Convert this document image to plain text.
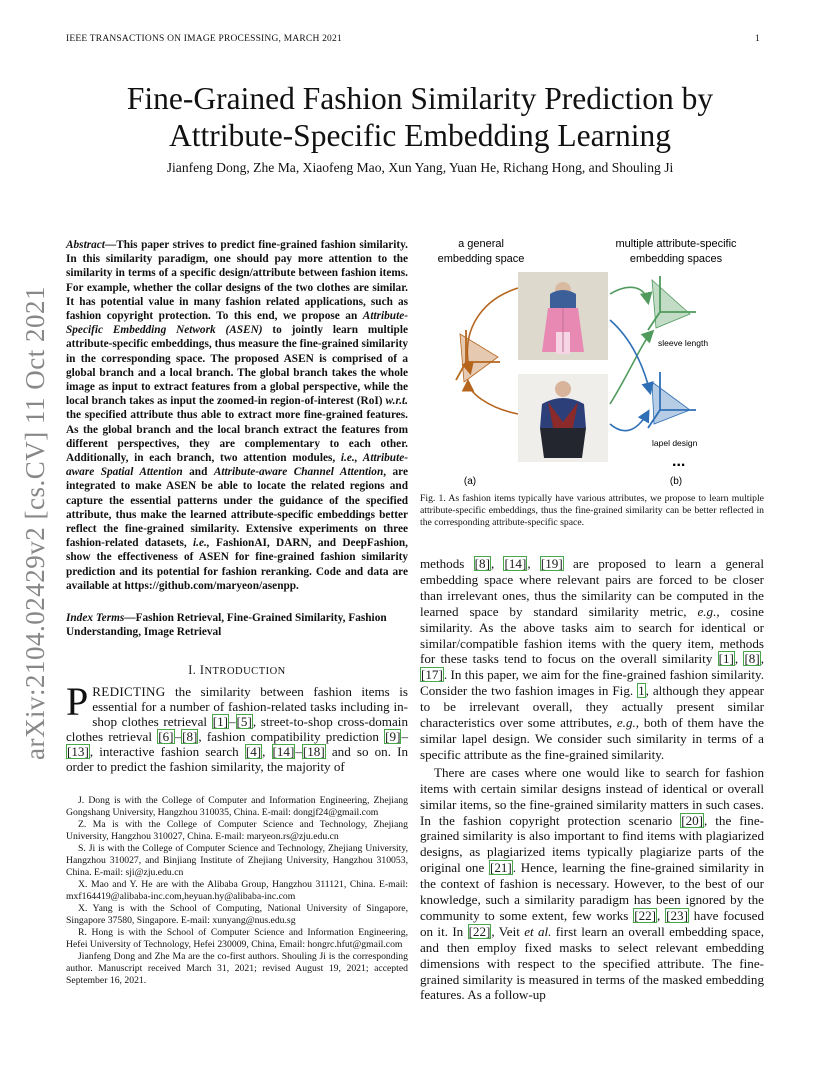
IEEE TRANSACTIONS ON IMAGE PROCESSING, MARCH 2021	1
arXiv:2104.02429v2 [cs.CV] 11 Oct 2021
Fine-Grained Fashion Similarity Prediction by
Attribute-Specific Embedding Learning
Jianfeng Dong, Zhe Ma, Xiaofeng Mao, Xun Yang, Yuan He, Richang Hong, and Shouling Ji
Abstract—This paper strives to predict fine-grained fashion similarity. In this similarity paradigm, one should pay more attention to the similarity in terms of a specific design/attribute between fashion items. For example, whether the collar designs of the two clothes are similar. It has potential value in many fashion related applications, such as fashion copyright protection. To this end, we propose an Attribute-Specific Embedding Network (ASEN) to jointly learn multiple attribute-specific embeddings, thus measure the fine-grained similarity in the corresponding space. The proposed ASEN is comprised of a global branch and a local branch. The global branch takes the whole image as input to extract features from a global perspective, while the local branch takes as input the zoomed-in region-of-interest (RoI) w.r.t. the specified attribute thus able to extract more fine-grained features. As the global branch and the local branch extract the features from different perspectives, they are complementary to each other. Additionally, in each branch, two attention modules, i.e., Attribute-aware Spatial Attention and Attribute-aware Channel Attention, are integrated to make ASEN be able to locate the related regions and capture the essential patterns under the guidance of the specified attribute, thus make the learned attribute-specific embeddings better reflect the fine-grained similarity. Extensive experiments on three fashion-related datasets, i.e., FashionAI, DARN, and DeepFashion, show the effectiveness of ASEN for fine-grained fashion similarity prediction and its potential for fashion reranking. Code and data are available at https://github.com/maryeon/asenpp.
Index Terms—Fashion Retrieval, Fine-Grained Similarity, Fashion Understanding, Image Retrieval
I. INTRODUCTION
PREDICTING the similarity between fashion items is essential for a number of fashion-related tasks including in-shop clothes retrieval [1]–[5], street-to-shop cross-domain clothes retrieval [6]–[8], fashion compatibility prediction [9]–[13], interactive fashion search [4], [14]–[18] and so on. In order to predict the fashion similarity, the majority of

J. Dong is with the College of Computer and Information Engineering, Zhejiang Gongshang University, Hangzhou 310035, China. E-mail: dongjf24@gmail.com

Z. Ma is with the College of Computer Science and Technology, Zhejiang University, Hangzhou 310027, China. E-mail: maryeon.rs@zju.edu.cn

S. Ji is with the College of Computer Science and Technology, Zhejiang University, Hangzhou 310027, and Binjiang Institute of Zhejiang University, Hangzhou 310053, China. E-mail: sji@zju.edu.cn

X. Mao and Y. He are with the Alibaba Group, Hangzhou 311121, China. E-mail: mxf164419@alibaba-inc.com,heyuan.hy@alibaba-inc.com

X. Yang is with the School of Computing, National University of Singapore, Singapore 37580, Singapore. E-mail: xunyang@nus.edu.sg

R. Hong is with the School of Computer Science and Information Engineering, Hefei University of Technology, Hefei 230009, China, Email: hongrc.hfut@gmail.com

Jianfeng Dong and Zhe Ma are the co-first authors. Shouling Ji is the corresponding author. Manuscript received March 31, 2021; revised August 19, 2021; accepted September 16, 2021.

a general
embedding space
multiple attribute-specific
embedding spaces
sleeve length
lapel design
...
(a)	(b)
Fig. 1. As fashion items typically have various attributes, we propose to learn multiple attribute-specific embeddings, thus the fine-grained similarity can be better reflected in the corresponding attribute-specific space.

methods [8], [14], [19] are proposed to learn a general embedding space where relevant pairs are forced to be closer than irrelevant ones, thus the similarity can be computed in the learned space by standard similarity metric, e.g., cosine similarity. As the above tasks aim to search for identical or similar/compatible fashion items with the query item, methods for these tasks tend to focus on the overall similarity [1], [8], [17]. In this paper, we aim for the fine-grained fashion similarity. Consider the two fashion images in Fig. 1, although they appear to be irrelevant overall, they actually present similar characteristics over some attributes, e.g., both of them have the similar lapel design. We consider such similarity in terms of a specific attribute as the fine-grained similarity.

There are cases where one would like to search for fashion items with certain similar designs instead of identical or overall similar items, so the fine-grained similarity matters in such cases. In the fashion copyright protection scenario [20], the fine-grained similarity is also important to find items with plagiarized designs, as plagiarized items typically plagiarize parts of the original one [21]. Hence, learning the fine-grained similarity in the context of fashion is necessary. However, to the best of our knowledge, such a similarity paradigm has been ignored by the community to some extent, few works [22], [23] have focused on it. In [22], Veit et al. first learn an overall embedding space, and then employ fixed masks to select relevant embedding dimensions with respect to the specified attribute. The fine-grained similarity is measured in terms of the masked embedding features. As a follow-up
